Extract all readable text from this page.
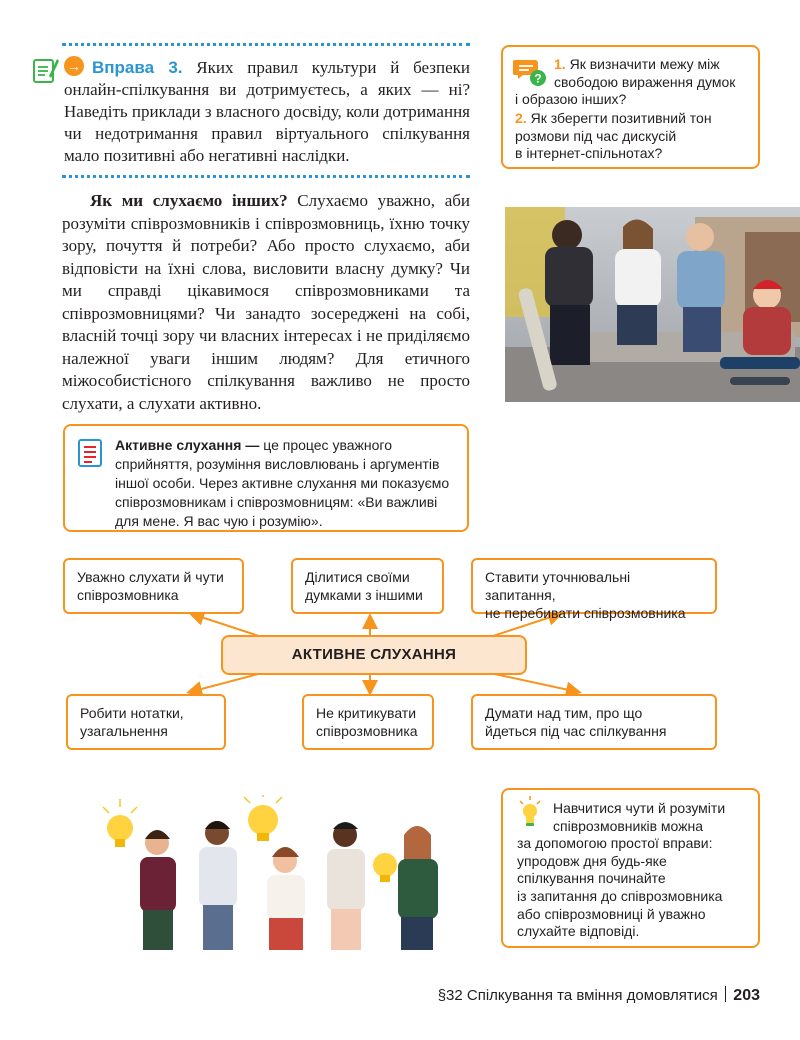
→ Вправа 3. Яких правил культури й безпеки онлайн-спілкування ви дотримуєтесь, а яких — ні? Наведіть приклади з власного досвіду, коли дотримання чи недотримання правил віртуального спілкування мало позитивні або негативні наслідки.

?
1. Як визначити межу між
свободою вираження думок
і образою інших?
2. Як зберегти позитивний тон
розмови під час дискусій
в інтернет-спільнотах?

Як ми слухаємо інших? Слухаємо уважно, аби розуміти співрозмовників і співрозмовниць, їхню точку зору, почуття й потреби? Або просто слухаємо, аби відповісти на їхні слова, висловити власну думку? Чи ми справді цікавимося співрозмовниками та співрозмовницями? Чи занадто зосереджені на собі, власній точці зору чи власних інтересах і не приділяємо належної уваги іншим людям? Для етичного міжособистісного спілкування важливо не просто слухати, а слухати активно.

Активне слухання — це процес уважного сприйняття, розуміння висловлювань і аргументів іншої особи. Через активне слухання ми показуємо співрозмовникам і співрозмовницям: «Ви важливі для мене. Я вас чую і розумію».

Уважно слухати й чути
співрозмовника
Ділитися своїми
думками з іншими
Ставити уточнювальні запитання,
не перебивати співрозмовника
АКТИВНЕ СЛУХАННЯ
Робити нотатки,
узагальнення
Не критикувати
співрозмовника
Думати над тим, про що
йдеться під час спілкування
Навчитися чути й розуміти
співрозмовників можна
за допомогою простої вправи:
упродовж дня будь-яке
спілкування починайте
із запитання до співрозмовника
або співрозмовниці й уважно
слухайте відповіді.
§32 Спілкування та вміння домовлятися 203
